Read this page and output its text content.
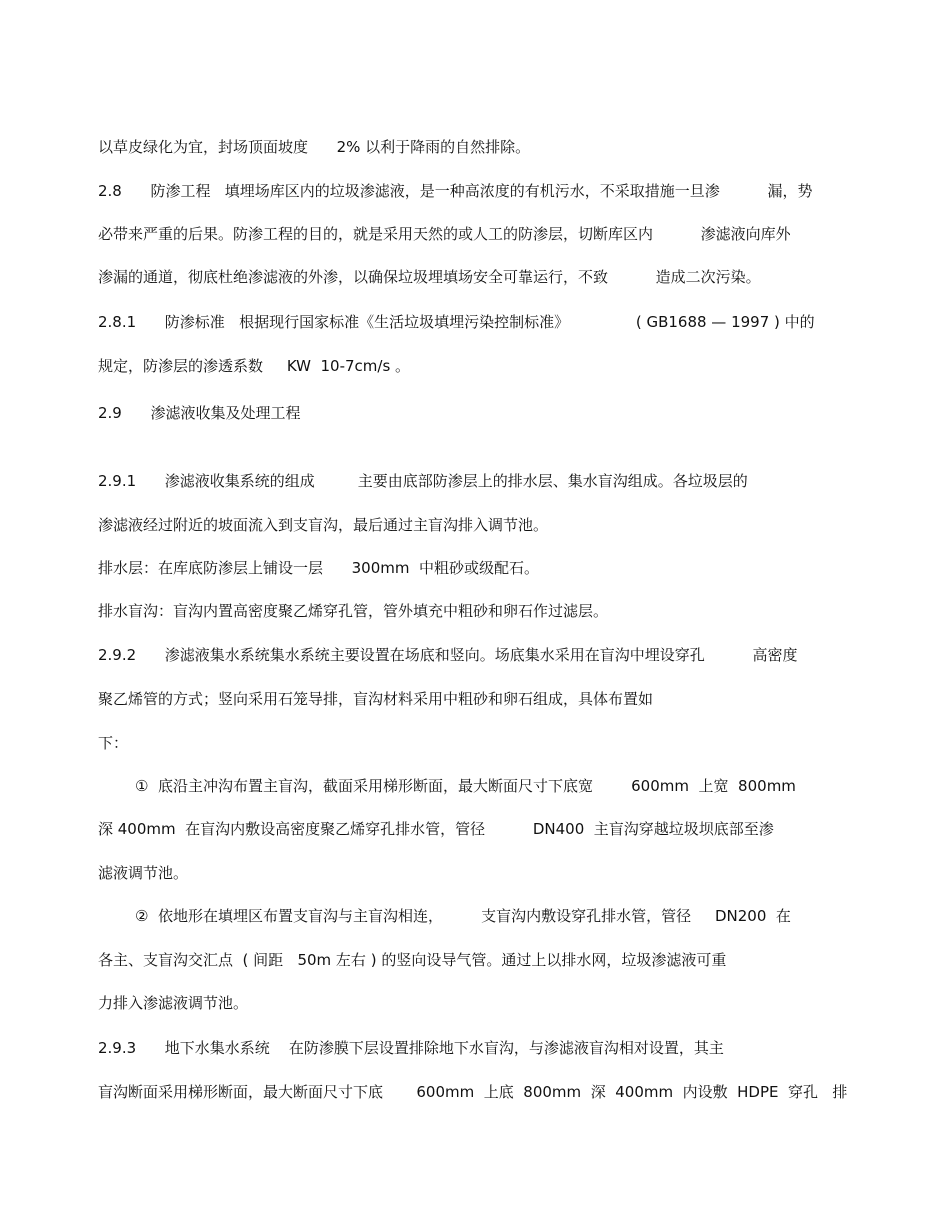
以草皮绿化为宜，封场顶面坡度      2% 以利于降雨的自然排除。
2.8      防渗工程   填埋场库区内的垃圾渗滤液，是一种高浓度的有机污水，不采取措施一旦渗          漏，势
必带来严重的后果。防渗工程的目的，就是采用天然的或人工的防渗层，切断库区内          渗滤液向库外
渗漏的通道，彻底杜绝渗滤液的外渗，以确保垃圾埋填场安全可靠运行，不致          造成二次污染。
2.8.1      防渗标准   根据现行国家标准《生活垃圾填埋污染控制标准》              ( GB1688 — 1997 ) 中的
规定，防渗层的渗透系数     KW  10-7cm/s 。
2.9      渗滤液收集及处理工程
2.9.1      渗滤液收集系统的组成         主要由底部防渗层上的排水层、集水盲沟组成。各垃圾层的
渗滤液经过附近的坡面流入到支盲沟，最后通过主盲沟排入调节池。
排水层：在库底防渗层上铺设一层      300mm  中粗砂或级配石。
排水盲沟：盲沟内置高密度聚乙烯穿孔管，管外填充中粗砂和卵石作过滤层。
2.9.2      渗滤液集水系统集水系统主要设置在场底和竖向。场底集水采用在盲沟中埋设穿孔          高密度
聚乙烯管的方式；竖向采用石笼导排，盲沟材料采用中粗砂和卵石组成，具体布置如
下：
①  底沿主冲沟布置主盲沟，截面采用梯形断面，最大断面尺寸下底宽        600mm  上宽  800mm
深 400mm  在盲沟内敷设高密度聚乙烯穿孔排水管，管径          DN400  主盲沟穿越垃圾坝底部至渗
滤液调节池。
②  依地形在填埋区布置支盲沟与主盲沟相连，        支盲沟内敷设穿孔排水管，管径     DN200  在
各主、支盲沟交汇点  ( 间距   50m 左右 ) 的竖向设导气管。通过上以排水网，垃圾渗滤液可重
力排入渗滤液调节池。
2.9.3      地下水集水系统    在防渗膜下层设置排除地下水盲沟，与渗滤液盲沟相对设置，其主
盲沟断面采用梯形断面，最大断面尺寸下底       600mm  上底  800mm  深  400mm  内设敷  HDPE  穿孔   排
